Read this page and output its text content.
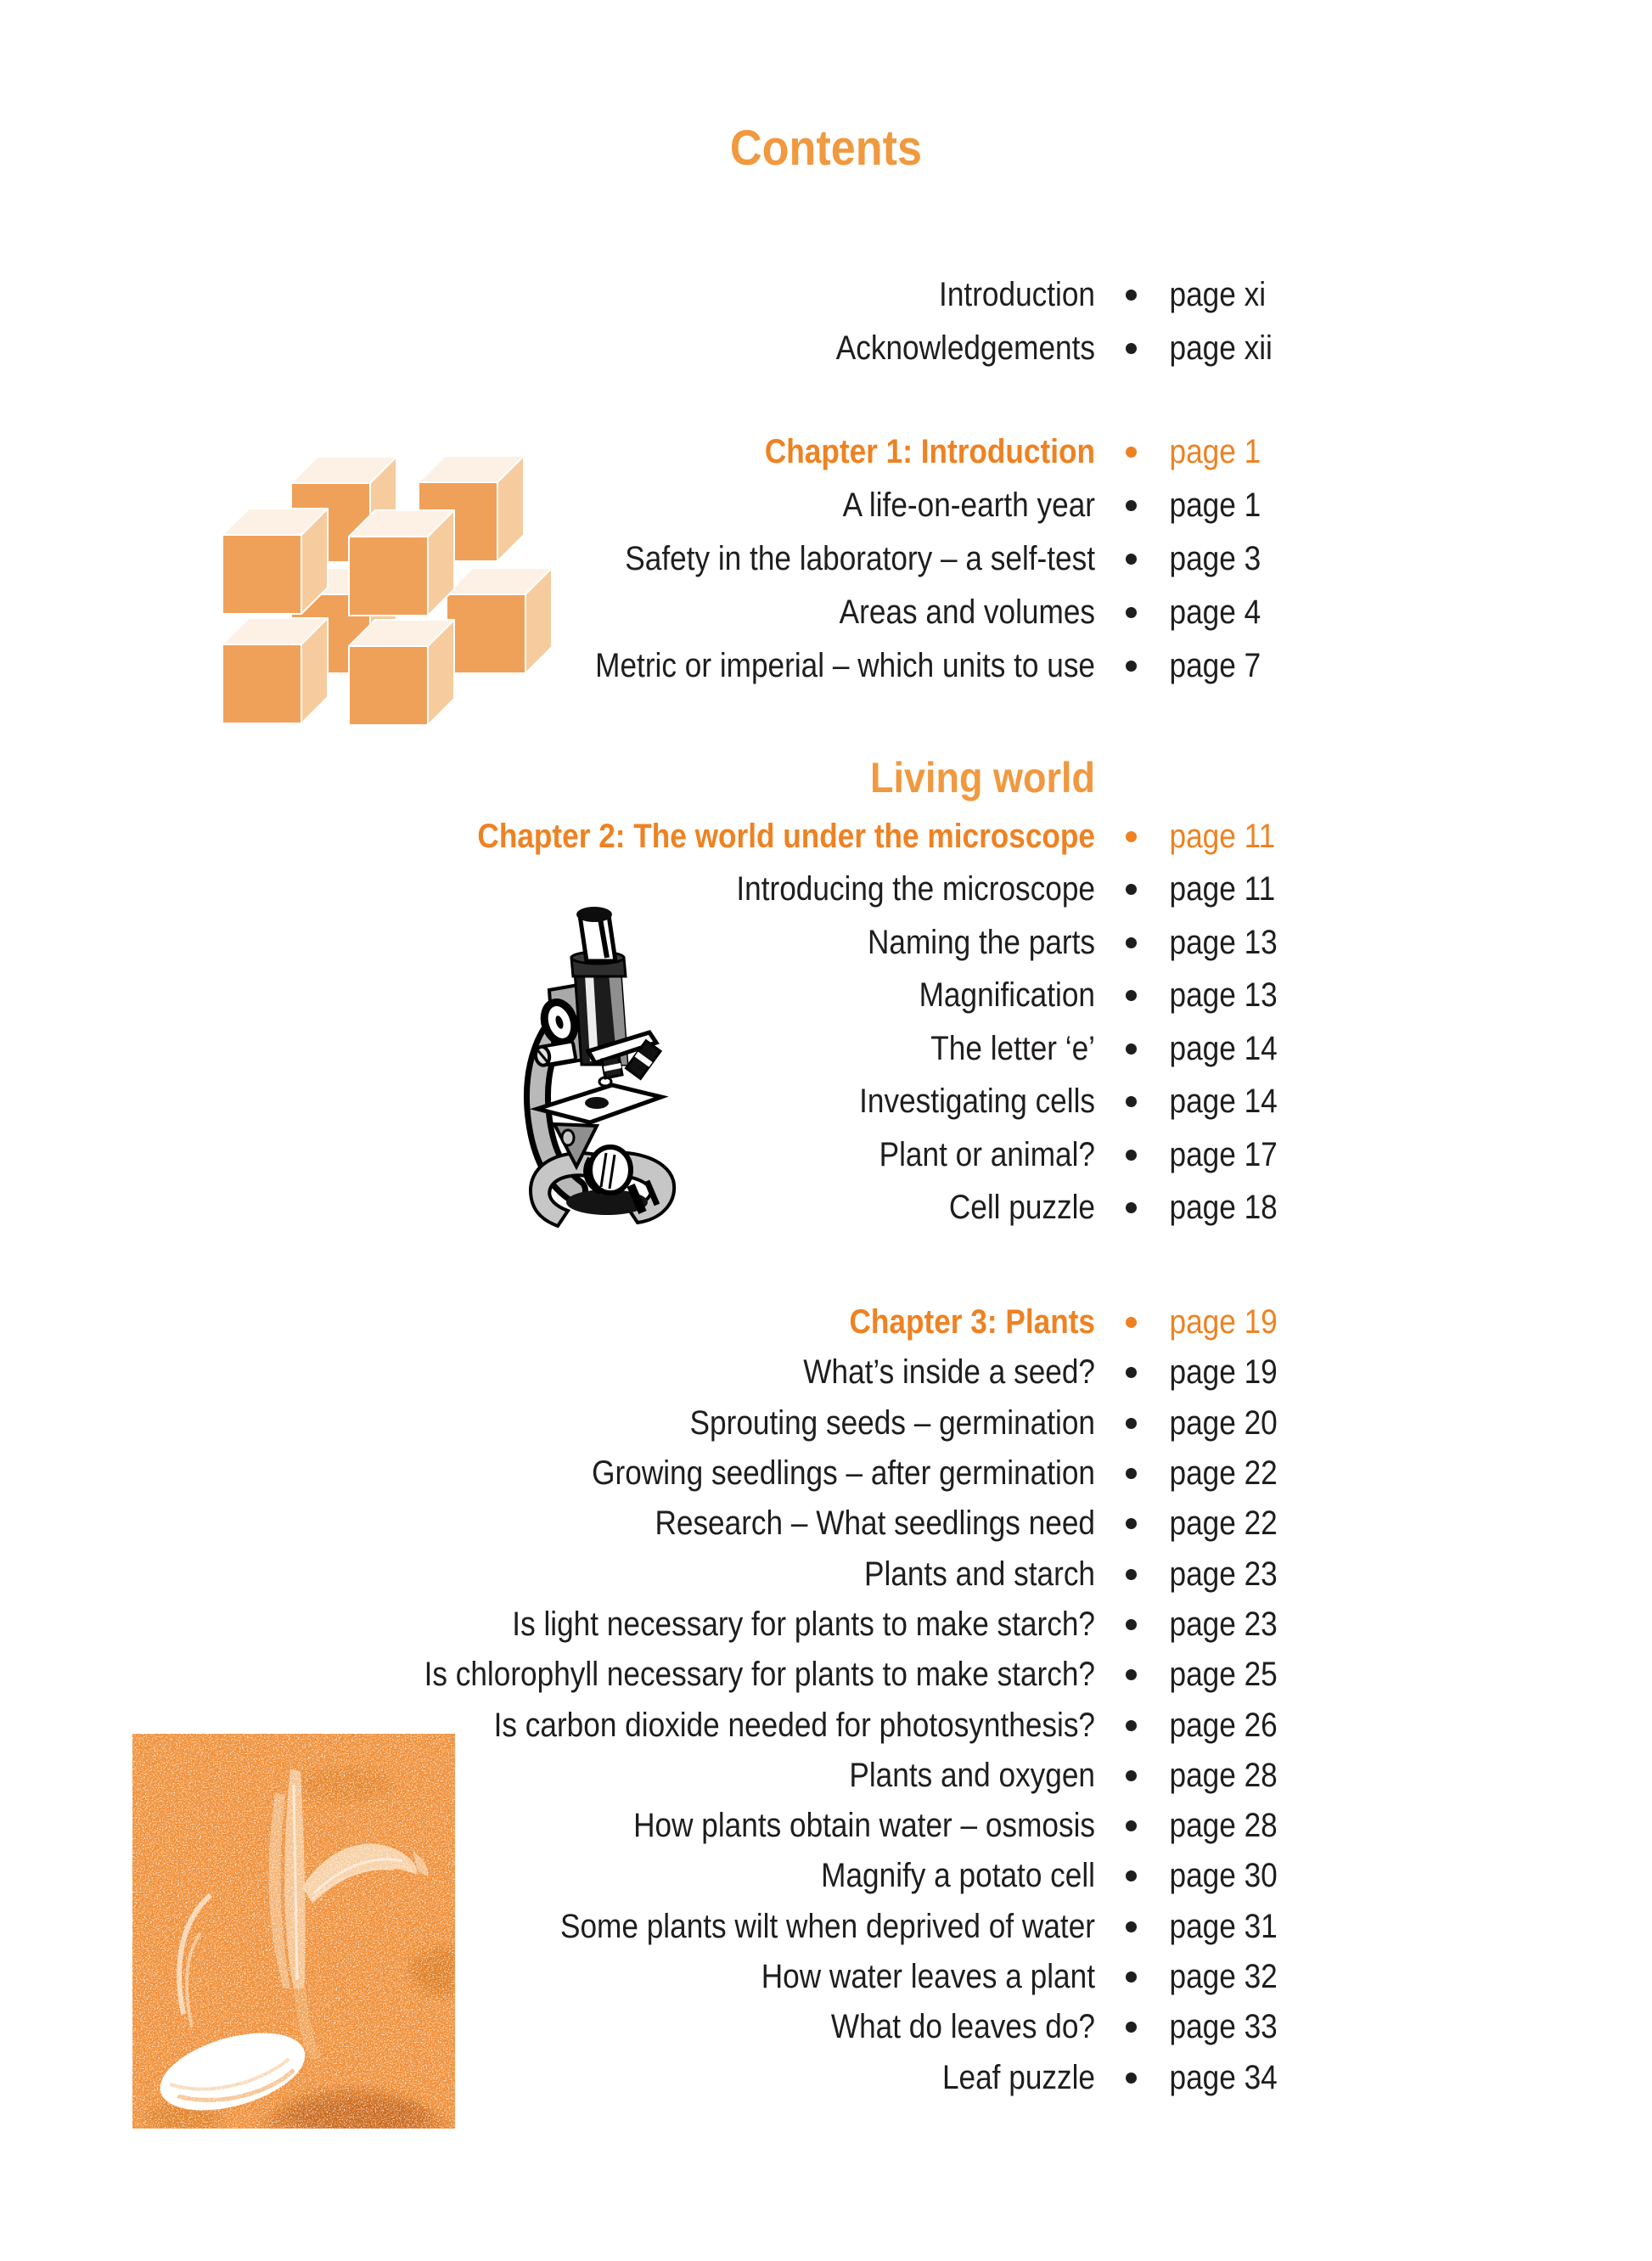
Contents
Introduction page xi
Acknowledgements page xii
Chapter 1: Introduction page 1
A life-on-earth year page 1
Safety in the laboratory – a self-test page 3
Areas and volumes page 4
Metric or imperial – which units to use page 7
Living world
Chapter 2: The world under the microscope page 11
Introducing the microscope page 11
Naming the parts page 13
Magnification page 13
The letter ‘e’ page 14
Investigating cells page 14
Plant or animal? page 17
Cell puzzle page 18
Chapter 3: Plants page 19
What’s inside a seed? page 19
Sprouting seeds – germination page 20
Growing seedlings – after germination page 22
Research – What seedlings need page 22
Plants and starch page 23
Is light necessary for plants to make starch? page 23
Is chlorophyll necessary for plants to make starch? page 25
Is carbon dioxide needed for photosynthesis? page 26
Plants and oxygen page 28
How plants obtain water – osmosis page 28
Magnify a potato cell page 30
Some plants wilt when deprived of water page 31
How water leaves a plant page 32
What do leaves do? page 33
Leaf puzzle page 34
